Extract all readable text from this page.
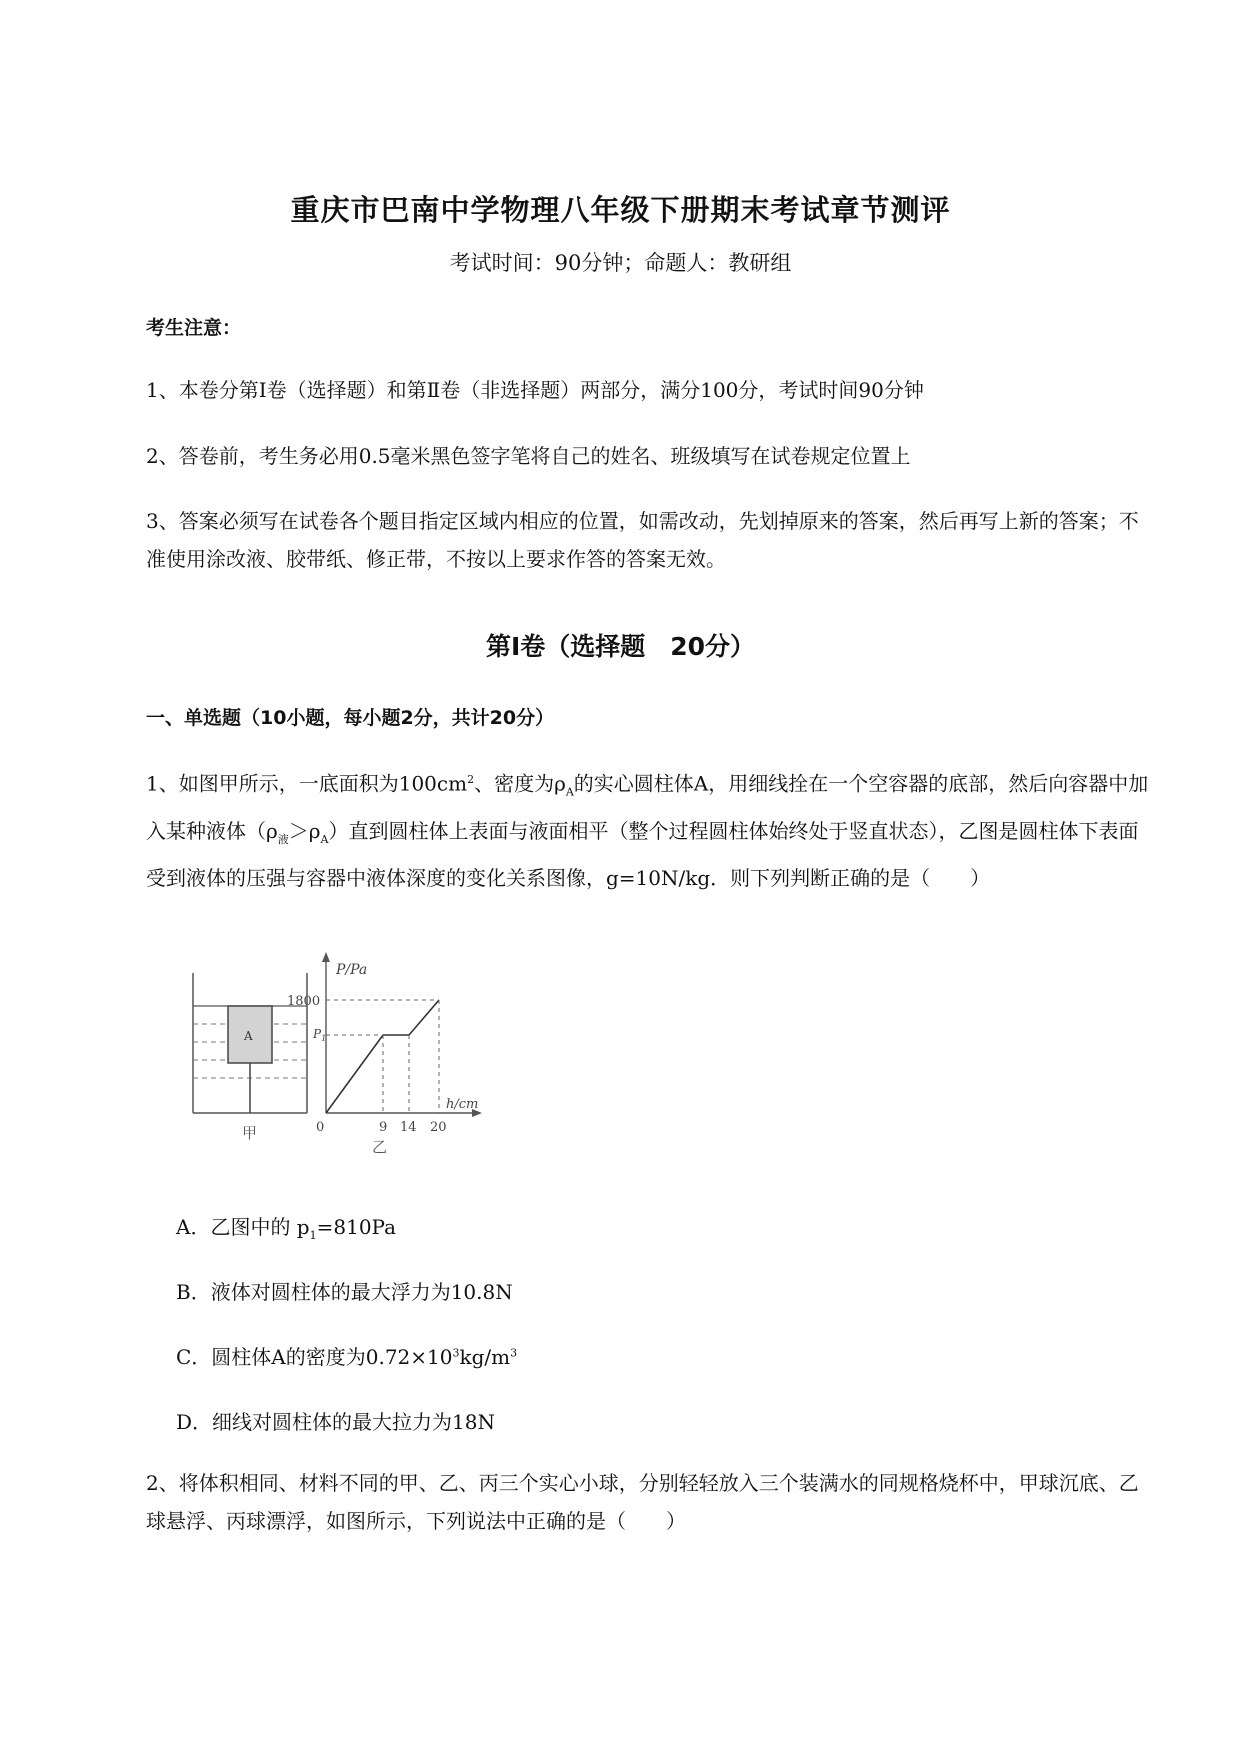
重庆市巴南中学物理八年级下册期末考试章节测评
考试时间：90分钟；命题人：教研组
考生注意：
1、本卷分第Ⅰ卷（选择题）和第Ⅱ卷（非选择题）两部分，满分100分，考试时间90分钟
2、答卷前，考生务必用0.5毫米黑色签字笔将自己的姓名、班级填写在试卷规定位置上
3、答案必须写在试卷各个题目指定区域内相应的位置，如需改动，先划掉原来的答案，然后再写上新的答案；不准使用涂改液、胶带纸、修正带，不按以上要求作答的答案无效。
第Ⅰ卷（选择题　20分）
一、单选题（10小题，每小题2分，共计20分）
1、如图甲所示，一底面积为$100cm^2$、密度为$\rho_A$的实心圆柱体A，用细线拴在一个空容器的底部，然后向容器中加入某种液体$(\rho_液>\rho_A)$直到圆柱体上表面与液面相平（整个过程圆柱体始终处于竖直状态），乙图是圆柱体下表面受到液体的压强与容器中液体深度的变化关系图像，g=10N/kg．则下列判断正确的是（　　）
A
甲
P/Pa
h/cm
1800
$P_1$
0	9 14 20
乙
A．乙图中的 $p_1=810Pa$
B．液体对圆柱体的最大浮力为10.8N
C．圆柱体A的密度为$0.72\times 10^3kg/m^3$
D．细线对圆柱体的最大拉力为18N
2、将体积相同、材料不同的甲、乙、丙三个实心小球，分别轻轻放入三个装满水的同规格烧杯中，甲球沉底、乙球悬浮、丙球漂浮，如图所示，下列说法中正确的是（　　）
